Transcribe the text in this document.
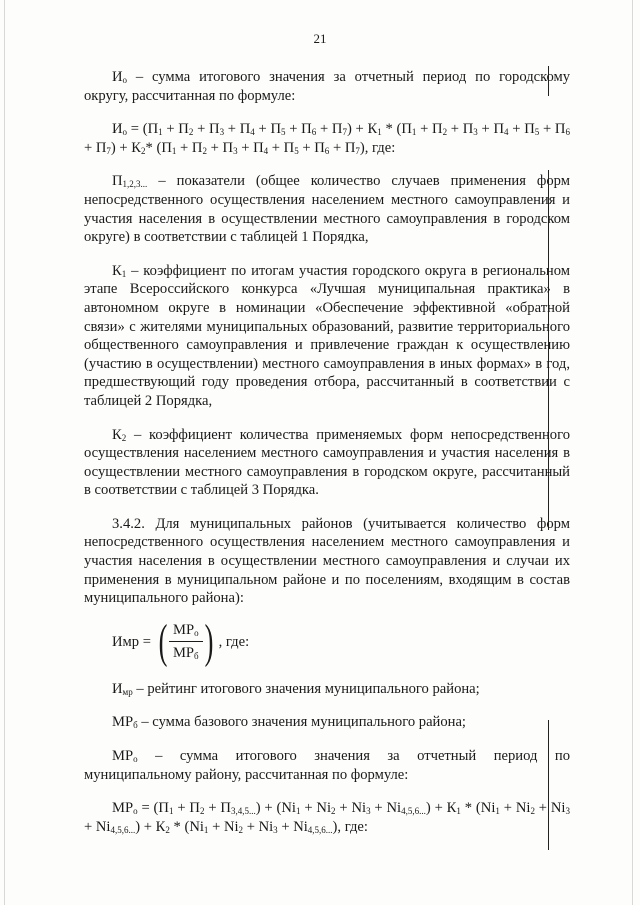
21

$И_о$ – сумма итогового значения за отчетный период по городскому округу, рассчитанная по формуле:

$И_о = (П_1 + П_2 + П_3 + П_4 + П_5 + П_6 + П_7) + К_1 * (П_1 + П_2 + П_3 + П_4 + П_5 + П_6 + П_7) + К_2*$ $(П_1 + П_2 + П_3 + П_4 + П_5 + П_6 + П_7)$, где:

$П_{1,2,3...}$ – показатели (общее количество случаев применения форм непосредственного осуществления населением местного самоуправления и участия населения в осуществлении местного самоуправления в городском округе) в соответствии с таблицей 1 Порядка,

$К_1$ – коэффициент по итогам участия городского округа в региональном этапе Всероссийского конкурса «Лучшая муниципальная практика» в автономном округе в номинации «Обеспечение эффективной «обратной связи» с жителями муниципальных образований, развитие территориального общественного самоуправления и привлечение граждан к осуществлению (участию в осуществлении) местного самоуправления в иных формах» в год, предшествующий году проведения отбора, рассчитанный в соответствии с таблицей 2 Порядка,

$К_2$ – коэффициент количества применяемых форм непосредственного осуществления населением местного самоуправления и участия населения в осуществлении местного самоуправления в городском округе, рассчитанный в соответствии с таблицей 3 Порядка.

3.4.2. Для муниципальных районов (учитывается количество форм непосредственного осуществления населением местного самоуправления и участия населения в осуществлении местного самоуправления и случаи их применения в муниципальном районе и по поселениям, входящим в состав муниципального района):

Имр = ( $\frac{МР_о}{МР_б}$ ) , где:

$И_{мр}$ – рейтинг итогового значения муниципального района;

$МР_б$ – сумма базового значения муниципального района;

$МР_о$ – сумма итогового значения за отчетный период по муниципальному району, рассчитанная по формуле:

$МР_о = (П_1 + П_2 + П_{3,4,5...}) + (Ni_1 + Ni_2 + Ni_3 + Ni_{4,5,6...}) + К_1 * (Ni_1 + Ni_2 + Ni_3 + Ni_{4,5,6...}) + К_2 * (Ni_1 + Ni_2 + Ni_3 + Ni_{4,5,6...})$, где:
